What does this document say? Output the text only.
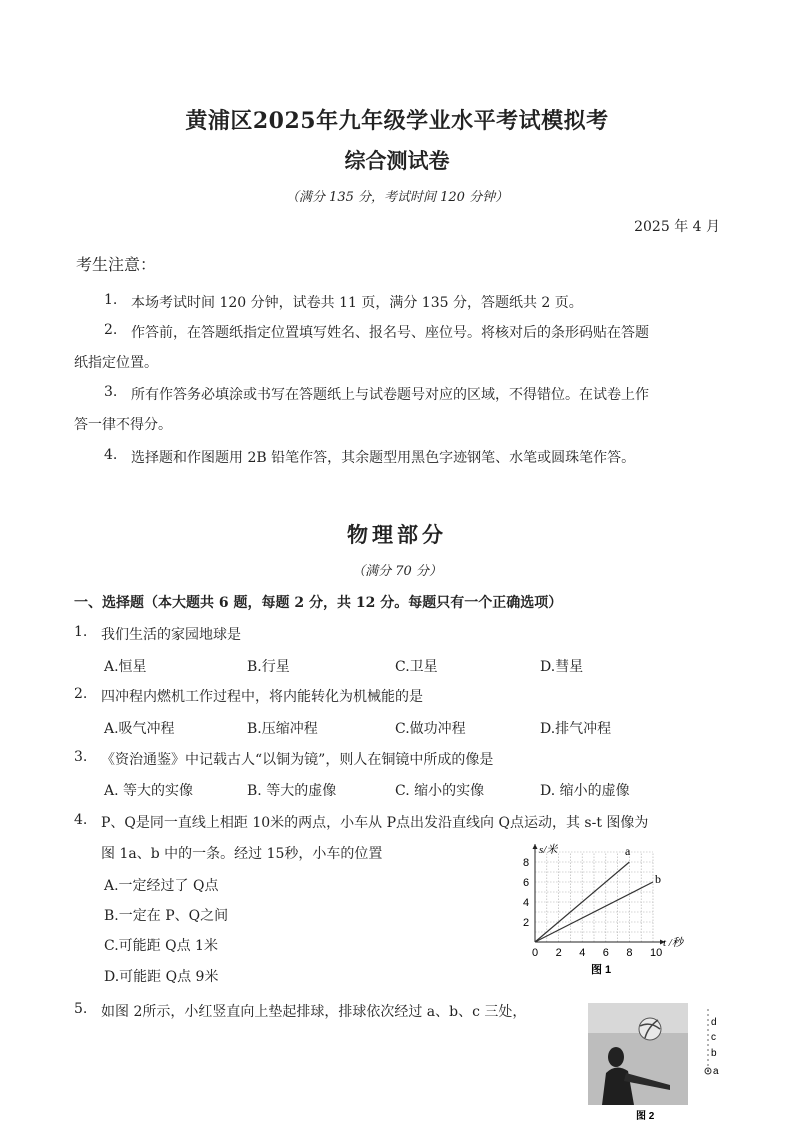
黄浦区2025年九年级学业水平考试模拟考
综合测试卷
（满分 135 分，考试时间 120 分钟）
2025 年 4 月
考生注意：
1. 本场考试时间 120 分钟，试卷共 11 页，满分 135 分，答题纸共 2 页。
2. 作答前，在答题纸指定位置填写姓名、报名号、座位号。将核对后的条形码贴在答题
纸指定位置。
3. 所有作答务必填涂或书写在答题纸上与试卷题号对应的区域，不得错位。在试卷上作
答一律不得分。
4. 选择题和作图题用 2B 铅笔作答，其余题型用黑色字迹钢笔、水笔或圆珠笔作答。
物理部分
（满分 70 分）
一、选择题（本大题共 6 题，每题 2 分，共 12 分。每题只有一个正确选项）
1. 我们生活的家园地球是
A.恒星	B.行星	C.卫星	D.彗星
2. 四冲程内燃机工作过程中，将内能转化为机械能的是
A.吸气冲程	B.压缩冲程	C.做功冲程	D.排气冲程
3. 《资治通鉴》中记载古人“以铜为镜”，则人在铜镜中所成的像是
A. 等大的实像	B. 等大的虚像	C. 缩小的实像	D. 缩小的虚像
4. P、Q是同一直线上相距 10米的两点，小车从 P点出发沿直线向 Q点运动，其 s-t 图像为
图 1a、b 中的一条。经过 15秒，小车的位置
A.一定经过了 Q点
B.一定在 P、Q之间
C.可能距 Q点 1米
D.可能距 Q点 9米
0 2 4 6 8 10
2
4
6
8
s/米
t /秒
a
b
图 1
5. 如图 2所示，小红竖直向上垫起排球，排球依次经过 a、b、c 三处，
d
c
b
a
图 2
